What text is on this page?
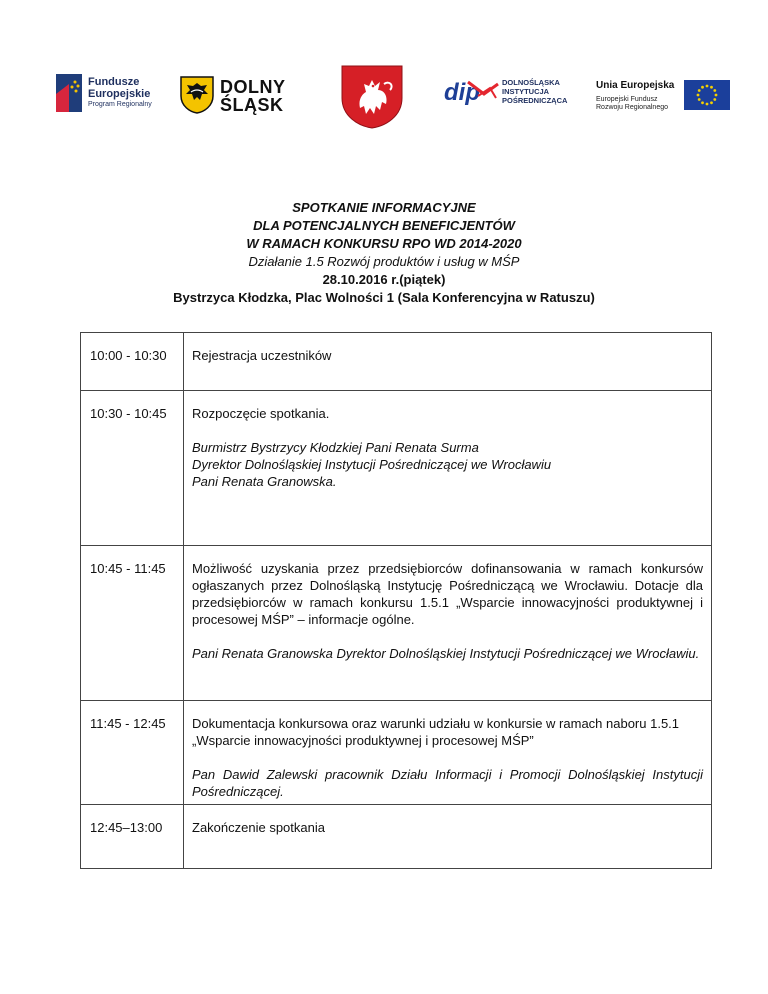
Fundusze
Europejskie
Program Regionalny
DOLNY
ŚLĄSK	dip	DOLNOŚLĄSKA
INSTYTUCJA
POŚREDNICZĄCA
Unia Europejska
Europejski Fundusz
Rozwoju Regionalnego
SPOTKANIE INFORMACYJNE
DLA POTENCJALNYCH BENEFICJENTÓW
W RAMACH KONKURSU RPO WD 2014-2020
Działanie 1.5 Rozwój produktów i usług w MŚP
28.10.2016 r.(piątek)
Bystrzyca Kłodzka, Plac Wolności 1 (Sala Konferencyjna w Ratuszu)
10:00 - 10:30	Rejestracja uczestników

10:30 - 10:45	Rozpoczęcie spotkania.

Burmistrz Bystrzycy Kłodzkiej Pani Renata Surma
Dyrektor Dolnośląskiej Instytucji Pośredniczącej we Wrocławiu
Pani Renata Granowska.

10:45 - 11:45	Możliwość uzyskania przez przedsiębiorców dofinansowania w ramach konkursów ogłaszanych przez Dolnośląską Instytucję Pośredniczącą we Wrocławiu. Dotacje dla przedsiębiorców w ramach konkursu 1.5.1 „Wsparcie innowacyjności produktywnej i procesowej MŚP” – informacje ogólne.

Pani Renata Granowska Dyrektor Dolnośląskiej Instytucji Pośredniczącej we Wrocławiu.

11:45 - 12:45	Dokumentacja konkursowa oraz warunki udziału w konkursie w ramach naboru 1.5.1 „Wsparcie innowacyjności produktywnej i procesowej MŚP”

Pan Dawid Zalewski pracownik Działu Informacji i Promocji Dolnośląskiej Instytucji Pośredniczącej.

12:45–13:00	Zakończenie spotkania
